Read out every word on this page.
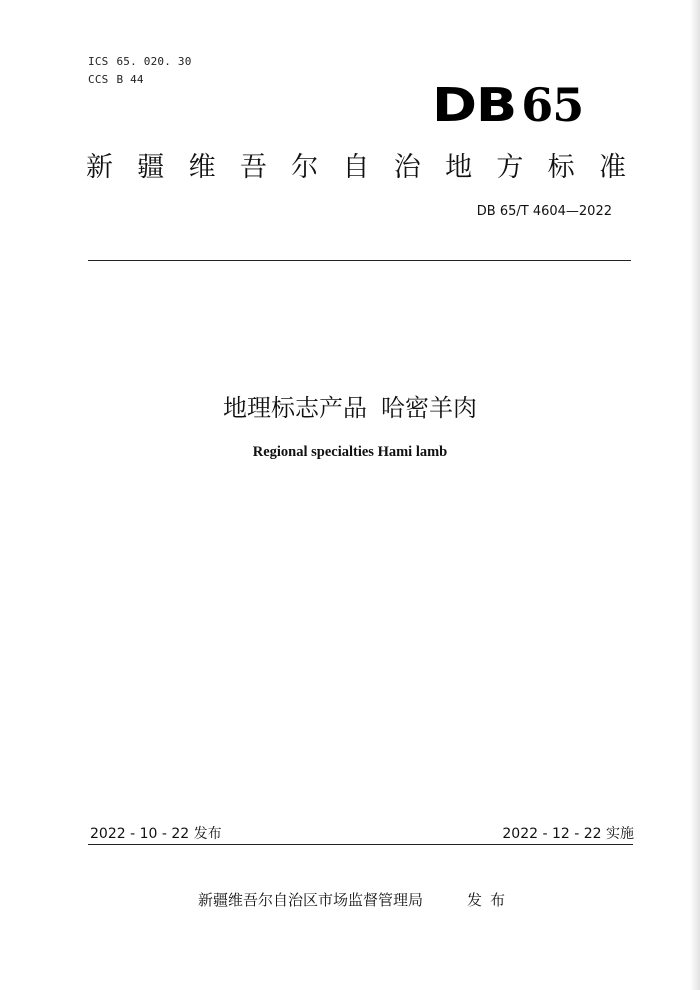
ICS 65. 020. 30
CCS B 44	DB 65
新 疆 维 吾 尔 自 治 地 方 标 准
DB 65/T 4604—2022
地理标志产品 哈密羊肉
Regional specialties Hami lamb
2022 - 10 - 22 发布	2022 - 12 - 22 实施
新疆维吾尔自治区市场监督管理局	发布
